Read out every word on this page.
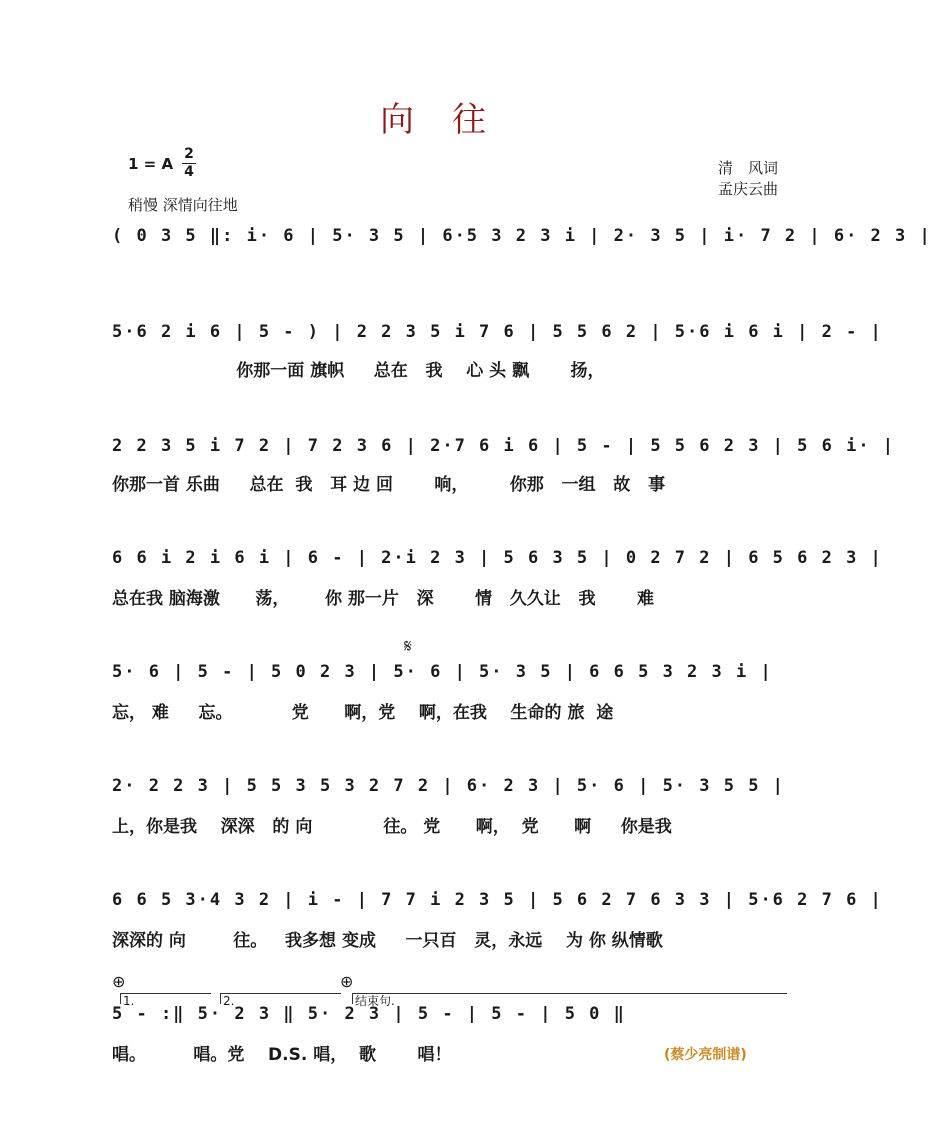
向　往
1 = A
2
4
稍慢 深情向往地
清　风词
孟庆云曲
( 0 3 5 ‖: i· 6 | 5· 3 5 | 6·5 3 2 3 i | 2· 3 5 | i· 7 2 | 6· 2 3 |
5·6 2 i 6 | 5 - ) | 2 2 3 5 i 7 6 | 5 5 6 2 | 5·6 i 6 i | 2 - |
你那一面 旗帜     总在   我    心 头 飘       扬，
2 2 3 5 i 7 2 | 7 2 3 6 | 2·7 6 i 6 | 5 - | 5 5 6 2 3 | 5 6 i· |
你那一首 乐曲     总在  我   耳 边 回       响，       你那   一组   故   事
6 6 i 2 i 6 i | 6 - | 2·i 2 3 | 5 6 3 5 | 0 2 7 2 | 6 5 6 2 3 |
总在我 脑海激      荡，      你 那一片   深       情   久久让   我       难
𝄋
5· 6 | 5 - | 5 0 2 3 | 5· 6 | 5· 3 5 | 6 6 5 3 2 3 i |
忘， 难     忘。          党      啊，党    啊，在我    生命的 旅  途
2· 2 2 3 | 5 5 3 5 3 2 7 2 | 6· 2 3 | 5· 6 | 5· 3 5 5 |
上，你是我    深深   的 向            往。 党      啊，  党      啊     你是我
6 6 5 3·4 3 2 | i - | 7 7 i 2 3 5 | 5 6 2 7 6 3 3 | 5·6 2 7 6 |
深深的 向        往。   我多想 变成     一只百   灵，永远    为 你 纵情歌
⊕	⊕
1.	2.	结束句.
5 - :‖ 5· 2 3 ‖ 5· 2 3 | 5 - | 5 - | 5 0 ‖
唱。        唱。党    D.S. 唱，  歌       唱！	(蔡少亮制谱)
